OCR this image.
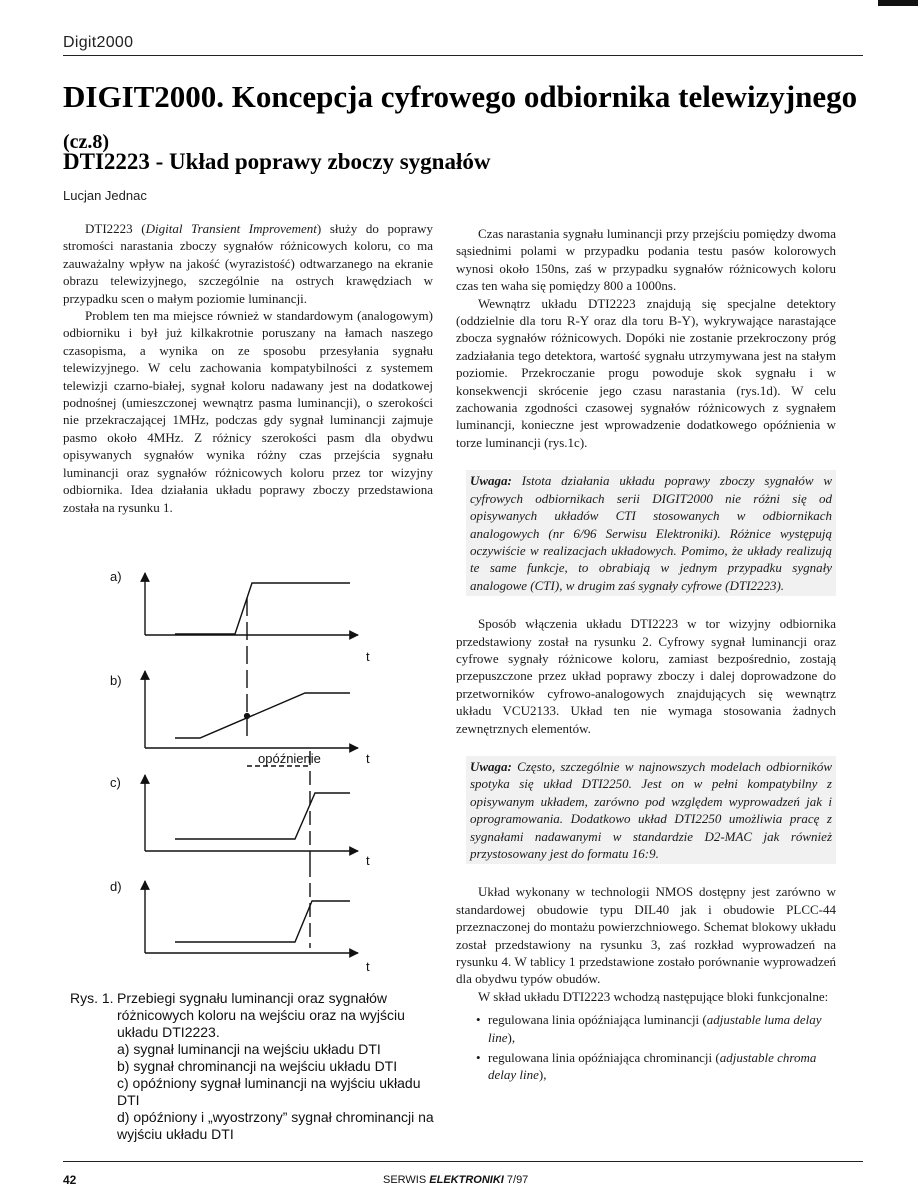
Digit2000
DIGIT2000. Koncepcja cyfrowego odbiornika telewizyjnego (cz.8)
DTI2223 - Układ poprawy zboczy sygnałów
Lucjan Jednac

DTI2223 (Digital Transient Improvement) służy do poprawy stromości narastania zboczy sygnałów różnicowych koloru, co ma zauważalny wpływ na jakość (wyrazistość) odtwarzanego na ekranie obrazu telewizyjnego, szczególnie na ostrych krawędziach w przypadku scen o małym poziomie luminancji.

Problem ten ma miejsce również w standardowym (analogowym) odbiorniku i był już kilkakrotnie poruszany na łamach naszego czasopisma, a wynika on ze sposobu przesyłania sygnału telewizyjnego. W celu zachowania kompatybilności z systemem telewizji czarno-białej, sygnał koloru nadawany jest na dodatkowej podnośnej (umieszczonej wewnątrz pasma luminancji), o szerokości nie przekraczającej 1MHz, podczas gdy sygnał luminancji zajmuje pasmo około 4MHz. Z różnicy szerokości pasm dla obydwu opisywanych sygnałów wynika różny czas przejścia sygnału luminancji oraz sygnałów różnicowych koloru przez tor wizyjny odbiornika. Idea działania układu poprawy zboczy przedstawiona została na rysunku 1.

a)
b)
c)
d)
t
t
t
t
opóźnienie
Rys. 1. Przebiegi sygnału luminancji oraz sygnałów różnicowych koloru na wejściu oraz na wyjściu układu DTI2223.
a) sygnał luminancji na wejściu układu DTI
b) sygnał chrominancji na wejściu układu DTI
c) opóźniony sygnał luminancji na wyjściu układu DTI
d) opóźniony i „wyostrzony” sygnał chrominancji na wyjściu układu DTI

Czas narastania sygnału luminancji przy przejściu pomiędzy dwoma sąsiednimi polami w przypadku podania testu pasów kolorowych wynosi około 150ns, zaś w przypadku sygnałów różnicowych koloru czas ten waha się pomiędzy 800 a 1000ns.

Wewnątrz układu DTI2223 znajdują się specjalne detektory (oddzielnie dla toru R-Y oraz dla toru B-Y), wykrywające narastające zbocza sygnałów różnicowych. Dopóki nie zostanie przekroczony próg zadziałania tego detektora, wartość sygnału utrzymywana jest na stałym poziomie. Przekroczanie progu powoduje skok sygnału i w konsekwencji skrócenie jego czasu narastania (rys.1d). W celu zachowania zgodności czasowej sygnałów różnicowych z sygnałem luminancji, konieczne jest wprowadzenie dodatkowego opóźnienia w torze luminancji (rys.1c).

Uwaga: Istota działania układu poprawy zboczy sygnałów w cyfrowych odbiornikach serii DIGIT2000 nie różni się od opisywanych układów CTI stosowanych w odbiornikach analogowych (nr 6/96 Serwisu Elektroniki). Różnice występują oczywiście w realizacjach układowych. Pomimo, że układy realizują te same funkcje, to obrabiają w jednym przypadku sygnały analogowe (CTI), w drugim zaś sygnały cyfrowe (DTI2223).

Sposób włączenia układu DTI2223 w tor wizyjny odbiornika przedstawiony został na rysunku 2. Cyfrowy sygnał luminancji oraz cyfrowe sygnały różnicowe koloru, zamiast bezpośrednio, zostają przepuszczone przez układ poprawy zboczy i dalej doprowadzone do przetworników cyfrowo-analogowych znajdujących się wewnątrz układu VCU2133. Układ ten nie wymaga stosowania żadnych zewnętrznych elementów.

Uwaga: Często, szczególnie w najnowszych modelach odbiorników spotyka się układ DTI2250. Jest on w pełni kompatybilny z opisywanym układem, zarówno pod względem wyprowadzeń jak i oprogramowania. Dodatkowo układ DTI2250 umożliwia pracę z sygnałami nadawanymi w standardzie D2-MAC jak również przystosowany jest do formatu 16:9.

Układ wykonany w technologii NMOS dostępny jest zarówno w standardowej obudowie typu DIL40 jak i obudowie PLCC-44 przeznaczonej do montażu powierzchniowego. Schemat blokowy układu został przedstawiony na rysunku 3, zaś rozkład wyprowadzeń na rysunku 4. W tablicy 1 przedstawione zostało porównanie wyprowadzeń dla obydwu typów obudów.

W skład układu DTI2223 wchodzą następujące bloki funkcjonalne:

• regulowana linia opóźniająca luminancji (adjustable luma delay line),
• regulowana linia opóźniająca chrominancji (adjustable chroma delay line),
42	SERWIS ELEKTRONIKI 7/97
